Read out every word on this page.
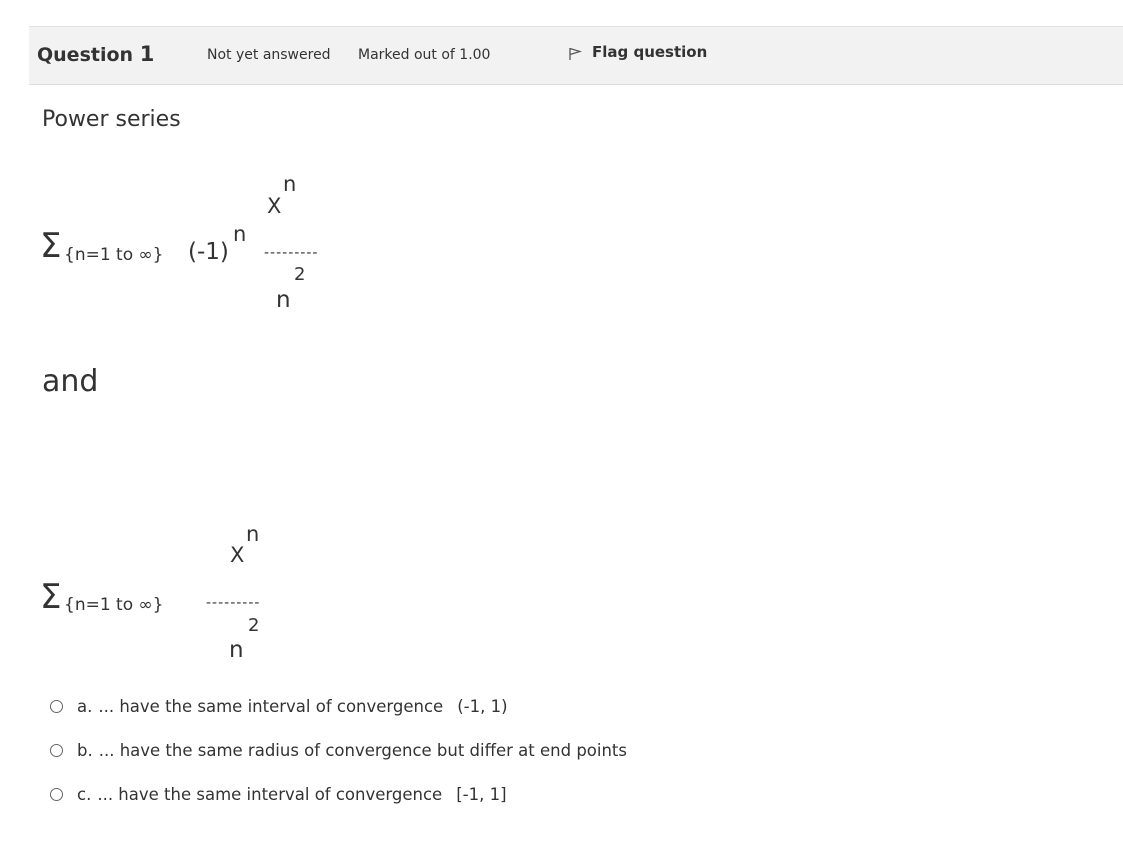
Question 1	Not yet answered Marked out of 1.00	Flag question
Power series
Σ {n=1 to ∞} (-1)
n
n
X
---------
2
n
and
Σ {n=1 to ∞}
n
X
---------
2
n
a. ... have the same interval of convergence (-1, 1)
b. ... have the same radius of convergence but differ at end points
c. ... have the same interval of convergence [-1, 1]
